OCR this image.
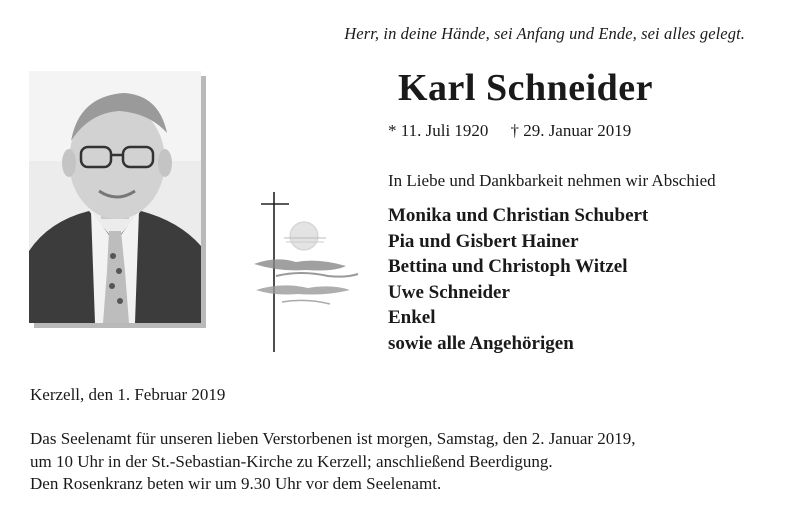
Herr, in deine Hände, sei Anfang und Ende, sei alles gelegt.
Karl Schneider
* 11. Juli 1920 † 29. Januar 2019
In Liebe und Dankbarkeit nehmen wir Abschied
Monika und Christian Schubert
Pia und Gisbert Hainer
Bettina und Christoph Witzel
Uwe Schneider
Enkel
sowie alle Angehörigen
Kerzell, den 1. Februar 2019
Das Seelenamt für unseren lieben Verstorbenen ist morgen, Samstag, den 2. Januar 2019,
um 10 Uhr in der St.-Sebastian-Kirche zu Kerzell; anschließend Beerdigung.
Den Rosenkranz beten wir um 9.30 Uhr vor dem Seelenamt.
